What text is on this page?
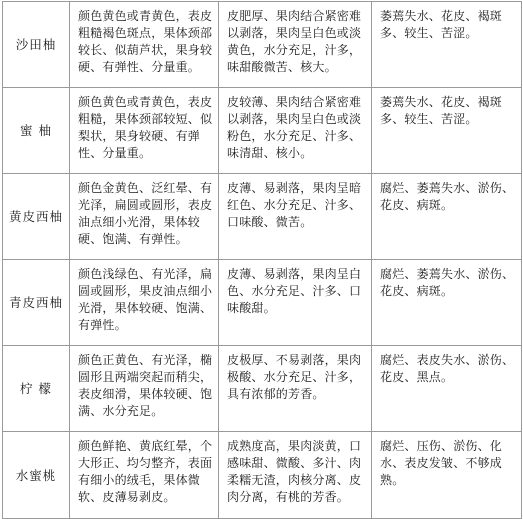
沙田柚	颜色黄色或青黄色，表皮粗糙褐色斑点，果体颈部较长、似葫芦状，果身较硬、有弹性、分量重。	皮肥厚、果肉结合紧密难以剥落，果肉呈白色或淡黄色，水分充足，汁多，味甜酸微苦、核大。	萎蔫失水、花皮、褐斑多、较生、苦涩。
蜜 柚	颜色黄色或青黄色，表皮粗糙，果体颈部较短、似梨状，果身较硬、有弹性、分量重。	皮较薄、果肉结合紧密难以剥落，果肉呈白色或淡粉色，水分充足、汁多、味清甜、核小。	萎蔫失水、花皮、褐斑多、较生、苦涩。
黄皮西柚	颜色金黄色、泛红晕、有光泽，扁圆或圆形，表皮油点细小光滑，果体较硬、饱满、有弹性。	皮薄、易剥落，果肉呈暗红色、水分充足、汁多、口味酸、微苦。	腐烂、萎蔫失水、淤伤、花皮、病斑。
青皮西柚	颜色浅绿色、有光泽，扁圆或圆形，果皮油点细小光滑，果体较硬、饱满、有弹性。	皮薄、易剥落，果肉呈白色、水分充足、汁多、口味酸甜。	腐烂、萎蔫失水、淤伤、花皮、病斑。
柠 檬	颜色正黄色、有光泽，椭圆形且两端突起而稍尖，表皮细滑，果体较硬、饱满、水分充足。	皮极厚、不易剥落，果肉极酸、水分充足、汁多，具有浓郁的芳香。	腐烂、表皮失水、淤伤、花皮、黑点。
水蜜桃	颜色鲜艳、黄底红晕，个大形正、均匀整齐，表面有细小的绒毛，果体微软、皮薄易剥皮。	成熟度高，果肉淡黄，口感味甜、微酸、多汁、肉柔糯无渣，肉核分离、皮肉分离，有桃的芳香。	腐烂、压伤、淤伤、化水、表皮发皱、不够成熟。
